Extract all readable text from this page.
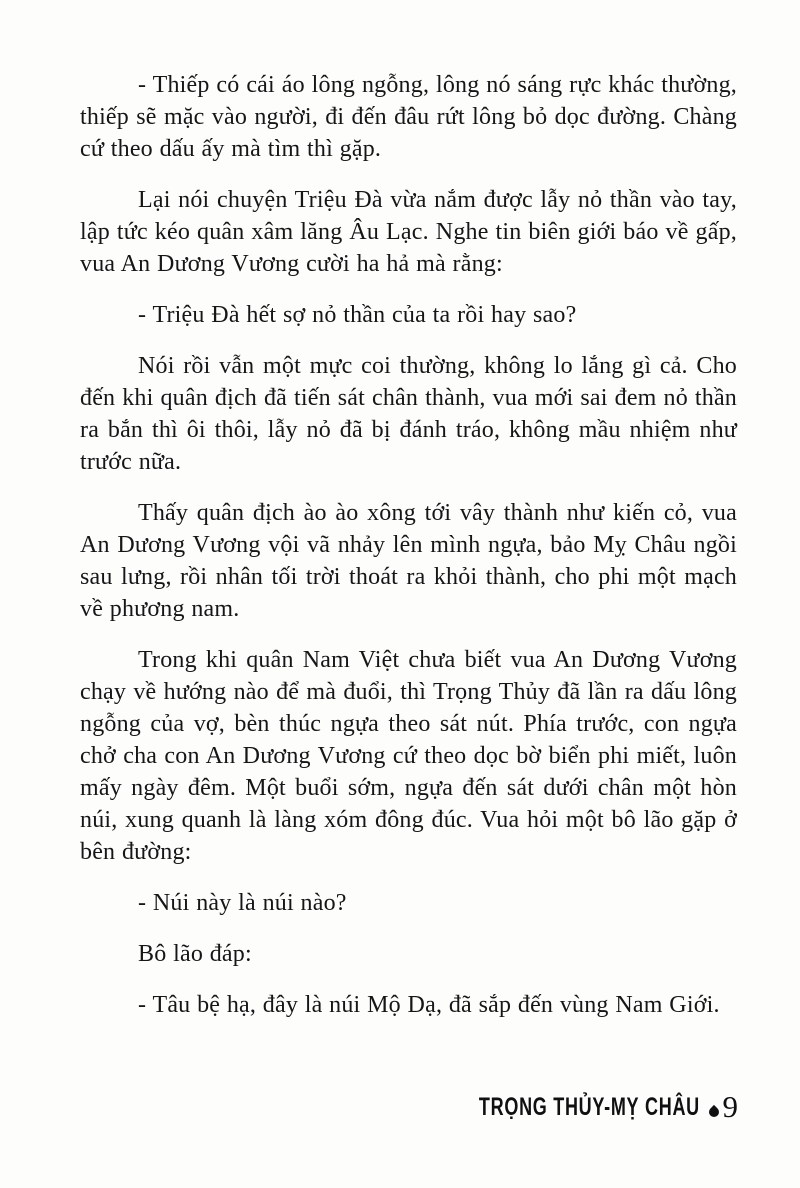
- Thiếp có cái áo lông ngỗng, lông nó sáng rực khác thường, thiếp sẽ mặc vào người, đi đến đâu rứt lông bỏ dọc đường. Chàng cứ theo dấu ấy mà tìm thì gặp.

Lại nói chuyện Triệu Đà vừa nắm được lẫy nỏ thần vào tay, lập tức kéo quân xâm lăng Âu Lạc. Nghe tin biên giới báo về gấp, vua An Dương Vương cười ha hả mà rằng:

- Triệu Đà hết sợ nỏ thần của ta rồi hay sao?

Nói rồi vẫn một mực coi thường, không lo lắng gì cả. Cho đến khi quân địch đã tiến sát chân thành, vua mới sai đem nỏ thần ra bắn thì ôi thôi, lẫy nỏ đã bị đánh tráo, không mầu nhiệm như trước nữa.

Thấy quân địch ào ào xông tới vây thành như kiến cỏ, vua An Dương Vương vội vã nhảy lên mình ngựa, bảo Mỵ Châu ngồi sau lưng, rồi nhân tối trời thoát ra khỏi thành, cho phi một mạch về phương nam.

Trong khi quân Nam Việt chưa biết vua An Dương Vương chạy về hướng nào để mà đuổi, thì Trọng Thủy đã lần ra dấu lông ngỗng của vợ, bèn thúc ngựa theo sát nút. Phía trước, con ngựa chở cha con An Dương Vương cứ theo dọc bờ biển phi miết, luôn mấy ngày đêm. Một buổi sớm, ngựa đến sát dưới chân một hòn núi, xung quanh là làng xóm đông đúc. Vua hỏi một bô lão gặp ở bên đường:

- Núi này là núi nào?

Bô lão đáp:

- Tâu bệ hạ, đây là núi Mộ Dạ, đã sắp đến vùng Nam Giới.

TRỌNG THỦY-MỴ CHÂU 9
